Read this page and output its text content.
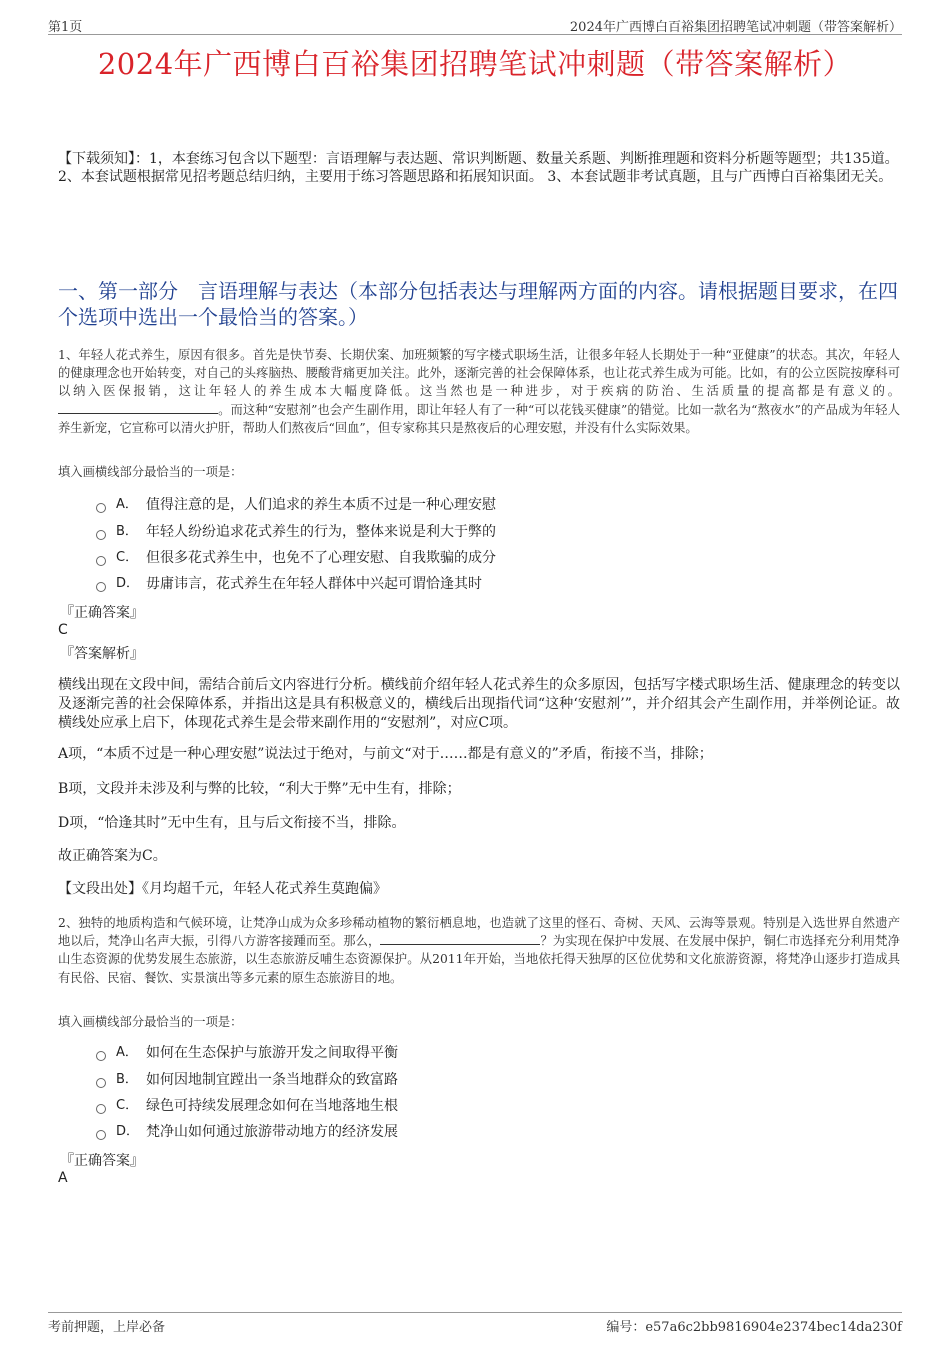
第1页	2024年广西博白百裕集团招聘笔试冲刺题（带答案解析）
2024年广西博白百裕集团招聘笔试冲刺题（带答案解析）
【下载须知】：1，本套练习包含以下题型：言语理解与表达题、常识判断题、数量关系题、判断推理题和资料分析题等题型；共135道。 2、本套试题根据常见招考题总结归纳，主要用于练习答题思路和拓展知识面。 3、本套试题非考试真题，且与广西博白百裕集团无关。
一、第一部分　言语理解与表达（本部分包括表达与理解两方面的内容。请根据题目要求，在四个选项中选出一个最恰当的答案。）
1、年轻人花式养生，原因有很多。首先是快节奏、长期伏案、加班频繁的写字楼式职场生活，让很多年轻人长期处于一种“亚健康”的状态。其次，年轻人的健康理念也开始转变，对自己的头疼脑热、腰酸背痛更加关注。此外，逐渐完善的社会保障体系，也让花式养生成为可能。比如，有的公立医院按摩科可以纳入医保报销，这让年轻人的养生成本大幅度降低。这当然也是一种进步，对于疾病的防治、生活质量的提高都是有意义的。。而这种“安慰剂”也会产生副作用，即让年轻人有了一种“可以花钱买健康”的错觉。比如一款名为“熬夜水”的产品成为年轻人养生新宠，它宣称可以清火护肝，帮助人们熬夜后“回血”，但专家称其只是熬夜后的心理安慰，并没有什么实际效果。
填入画横线部分最恰当的一项是：
A． 值得注意的是，人们追求的养生本质不过是一种心理安慰
B． 年轻人纷纷追求花式养生的行为，整体来说是利大于弊的
C． 但很多花式养生中，也免不了心理安慰、自我欺骗的成分
D． 毋庸讳言，花式养生在年轻人群体中兴起可谓恰逢其时
『正确答案』
C
『答案解析』
横线出现在文段中间，需结合前后文内容进行分析。横线前介绍年轻人花式养生的众多原因，包括写字楼式职场生活、健康理念的转变以及逐渐完善的社会保障体系，并指出这是具有积极意义的，横线后出现指代词“这种‘安慰剂’”，并介绍其会产生副作用，并举例论证。故横线处应承上启下，体现花式养生是会带来副作用的“安慰剂”，对应C项。
A项，“本质不过是一种心理安慰”说法过于绝对，与前文“对于……都是有意义的”矛盾，衔接不当，排除；
B项，文段并未涉及利与弊的比较，“利大于弊”无中生有，排除；
D项，“恰逢其时”无中生有，且与后文衔接不当，排除。
故正确答案为C。
【文段出处】《月均超千元，年轻人花式养生莫跑偏》
2、独特的地质构造和气候环境，让梵净山成为众多珍稀动植物的繁衍栖息地，也造就了这里的怪石、奇树、天风、云海等景观。特别是入选世界自然遗产地以后，梵净山名声大振，引得八方游客接踵而至。那么，	？为实现在保护中发展、在发展中保护，铜仁市选择充分利用梵净山生态资源的优势发展生态旅游，以生态旅游反哺生态资源保护。从2011年开始，当地依托得天独厚的区位优势和文化旅游资源，将梵净山逐步打造成具有民俗、民宿、餐饮、实景演出等多元素的原生态旅游目的地。
填入画横线部分最恰当的一项是：
A． 如何在生态保护与旅游开发之间取得平衡
B． 如何因地制宜蹚出一条当地群众的致富路
C． 绿色可持续发展理念如何在当地落地生根
D． 梵净山如何通过旅游带动地方的经济发展
『正确答案』
A
考前押题，上岸必备	编号：e57a6c2bb9816904e2374bec14da230f
